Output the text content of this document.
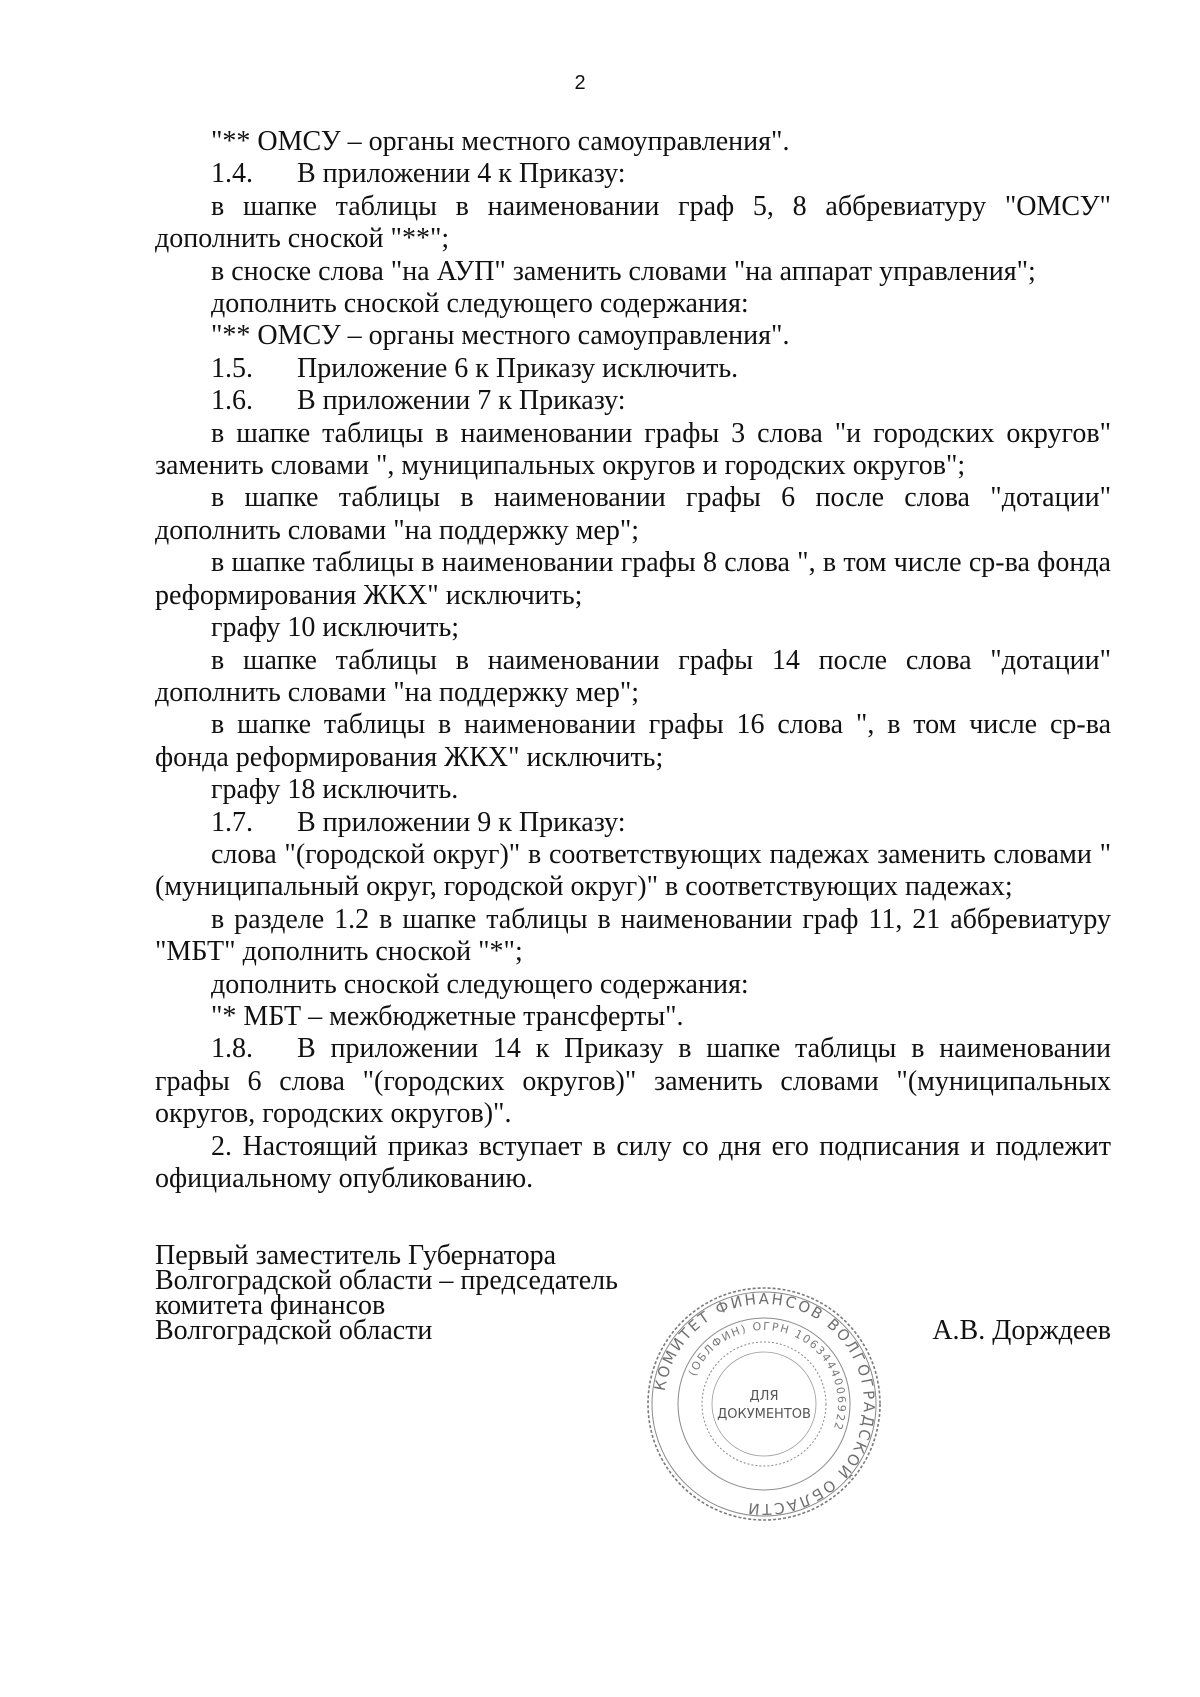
2

"** ОМСУ – органы местного самоуправления".

1.4. В приложении 4 к Приказу:

в шапке таблицы в наименовании граф 5, 8 аббревиатуру "ОМСУ" дополнить сноской "**";

в сноске слова "на АУП" заменить словами "на аппарат управления";

дополнить сноской следующего содержания:

"** ОМСУ – органы местного самоуправления".

1.5. Приложение 6 к Приказу исключить.

1.6. В приложении 7 к Приказу:

в шапке таблицы в наименовании графы 3 слова "и городских округов" заменить словами ", муниципальных округов и городских округов";

в шапке таблицы в наименовании графы 6 после слова "дотации" дополнить словами "на поддержку мер";

в шапке таблицы в наименовании графы 8 слова ", в том числе ср-ва фонда реформирования ЖКХ" исключить;

графу 10 исключить;

в шапке таблицы в наименовании графы 14 после слова "дотации" дополнить словами "на поддержку мер";

в шапке таблицы в наименовании графы 16 слова ", в том числе ср-ва фонда реформирования ЖКХ" исключить;

графу 18 исключить.

1.7. В приложении 9 к Приказу:

слова "(городской округ)" в соответствующих падежах заменить словами "(муниципальный округ, городской округ)" в соответствующих падежах;

в разделе 1.2 в шапке таблицы в наименовании граф 11, 21 аббревиатуру "МБТ" дополнить сноской "*";

дополнить сноской следующего содержания:

"* МБТ – межбюджетные трансферты".

1.8. В приложении 14 к Приказу в шапке таблицы в наименовании графы 6 слова "(городских округов)" заменить словами "(муниципальных округов, городских округов)".

2. Настоящий приказ вступает в силу со дня его подписания и подлежит официальному опубликованию.

Первый заместитель Губернатора
Волгоградской области – председатель
комитета финансов
Волгоградской области
КОМИТЕТ ФИНАНСОВ ВОЛГОГРАДСКОЙ ОБЛАСТИ
(ОБЛФИН) ОГРН 1063444006922
ДЛЯ
ДОКУМЕНТОВ
А.В. Дорждеев
